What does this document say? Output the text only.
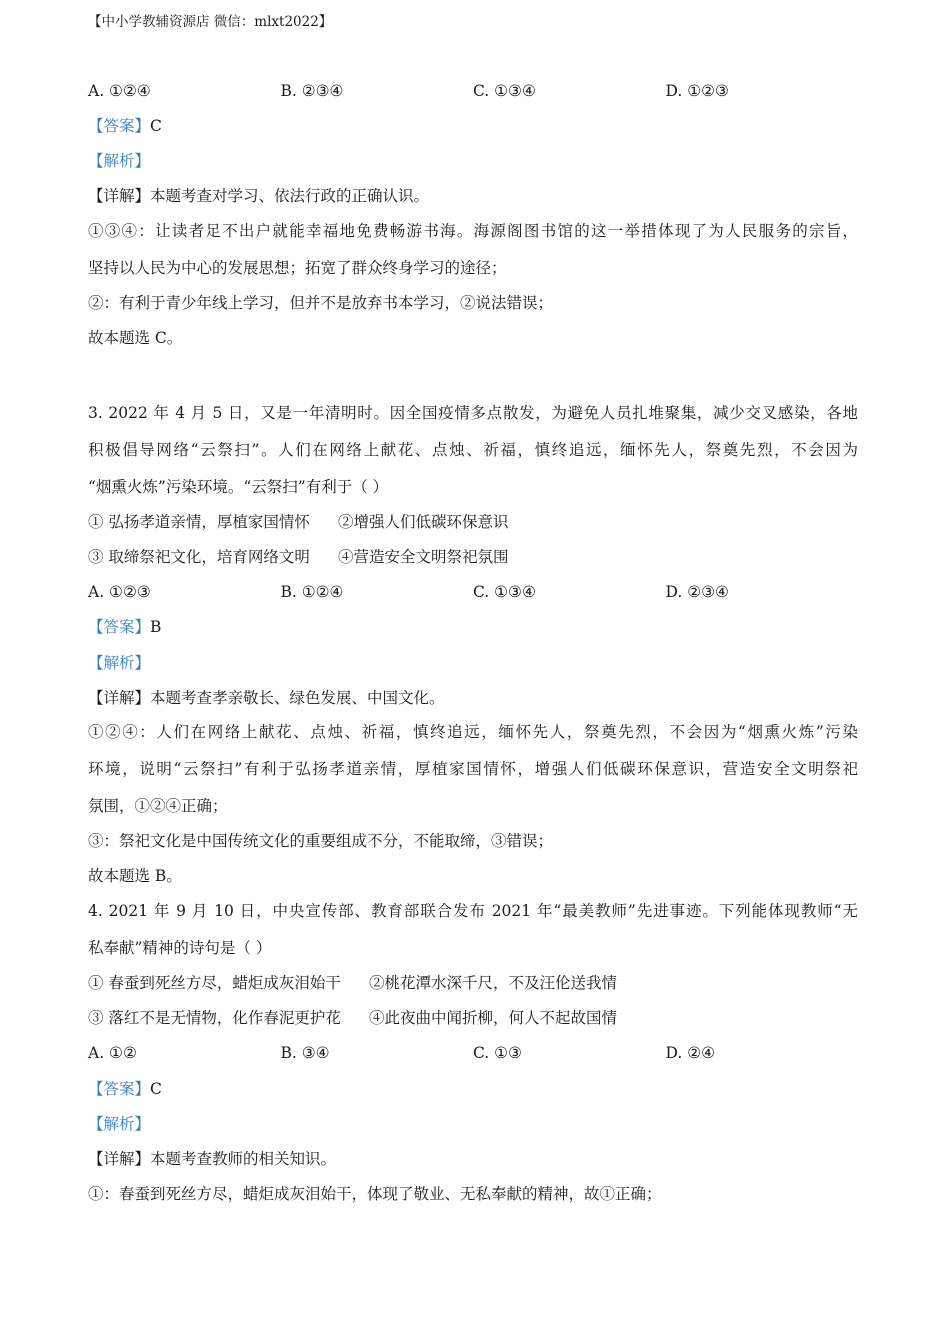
【中小学教辅资源店 微信：mlxt2022】
A. ①②④	B. ②③④	C. ①③④	D. ①②③
【答案】C
【解析】
【详解】本题考查对学习、依法行政的正确认识。
①③④：让读者足不出户就能幸福地免费畅游书海。海源阁图书馆的这一举措体现了为人民服务的宗旨，
坚持以人民为中心的发展思想；拓宽了群众终身学习的途径；
②：有利于青少年线上学习，但并不是放弃书本学习，②说法错误；
故本题选 C。
3. 2022 年 4 月 5 日，又是一年清明时。因全国疫情多点散发，为避免人员扎堆聚集，减少交叉感染，各地
积极倡导网络“云祭扫”。人们在网络上献花、点烛、祈福，慎终追远，缅怀先人，祭奠先烈，不会因为
“烟熏火炼”污染环境。“云祭扫”有利于（ ）
① 弘扬孝道亲情，厚植家国情怀 ②增强人们低碳环保意识
③ 取缔祭祀文化，培育网络文明 ④营造安全文明祭祀氛围
A. ①②③	B. ①②④	C. ①③④	D. ②③④
【答案】B
【解析】
【详解】本题考查孝亲敬长、绿色发展、中国文化。
①②④：人们在网络上献花、点烛、祈福，慎终追远，缅怀先人，祭奠先烈，不会因为“烟熏火炼”污染
环境，说明“云祭扫”有利于弘扬孝道亲情，厚植家国情怀，增强人们低碳环保意识，营造安全文明祭祀
氛围，①②④正确；
③：祭祀文化是中国传统文化的重要组成不分，不能取缔，③错误；
故本题选 B。
4. 2021 年 9 月 10 日，中央宣传部、教育部联合发布 2021 年“最美教师”先进事迹。下列能体现教师“无
私奉献”精神的诗句是（ ）
① 春蚕到死丝方尽，蜡炬成灰泪始干 ②桃花潭水深千尺，不及汪伦送我情
③ 落红不是无情物，化作春泥更护花 ④此夜曲中闻折柳，何人不起故国情
A. ①②	B. ③④	C. ①③	D. ②④
【答案】C
【解析】
【详解】本题考查教师的相关知识。
①：春蚕到死丝方尽，蜡炬成灰泪始干，体现了敬业、无私奉献的精神，故①正确；
